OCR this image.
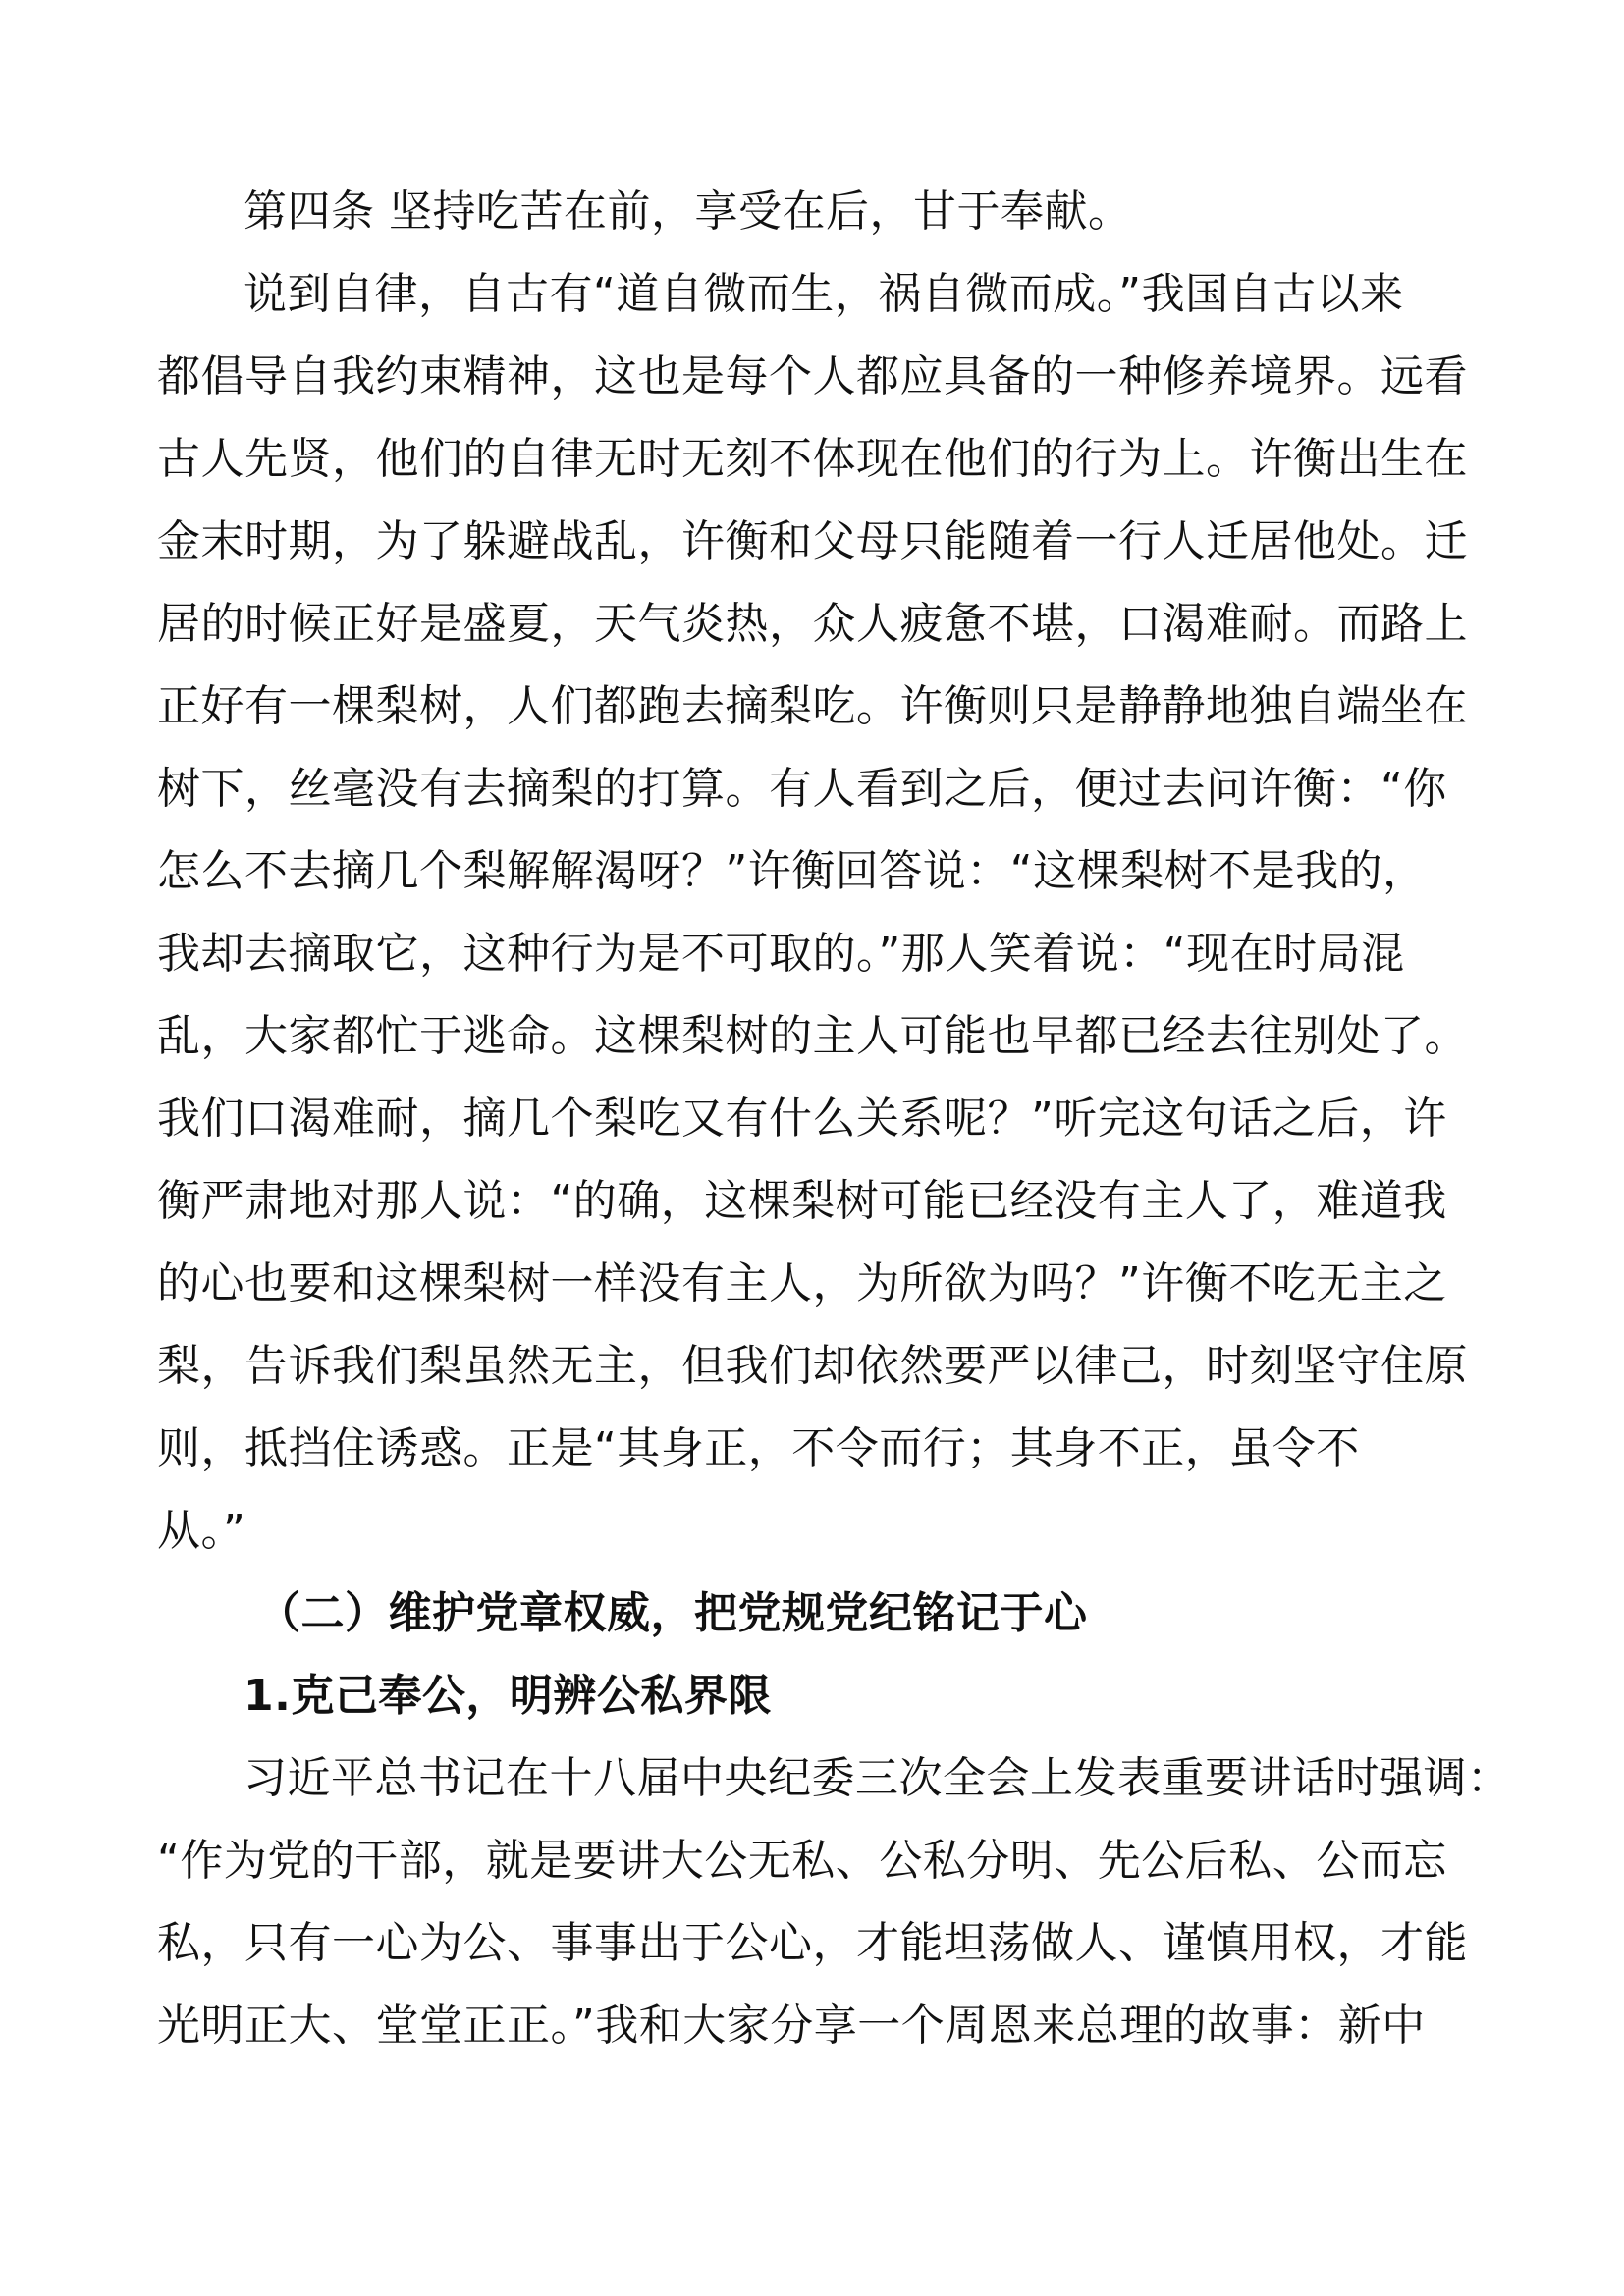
第四条 坚持吃苦在前，享受在后，甘于奉献。
说到自律，自古有“道自微而生，祸自微而成。”我国自古以来
都倡导自我约束精神，这也是每个人都应具备的一种修养境界。远看
古人先贤，他们的自律无时无刻不体现在他们的行为上。许衡出生在
金末时期，为了躲避战乱，许衡和父母只能随着一行人迁居他处。迁
居的时候正好是盛夏，天气炎热，众人疲惫不堪，口渴难耐。而路上
正好有一棵梨树，人们都跑去摘梨吃。许衡则只是静静地独自端坐在
树下，丝毫没有去摘梨的打算。有人看到之后，便过去问许衡：“你
怎么不去摘几个梨解解渴呀？”许衡回答说：“这棵梨树不是我的，
我却去摘取它，这种行为是不可取的。”那人笑着说：“现在时局混
乱，大家都忙于逃命。这棵梨树的主人可能也早都已经去往别处了。
我们口渴难耐，摘几个梨吃又有什么关系呢？”听完这句话之后，许
衡严肃地对那人说：“的确，这棵梨树可能已经没有主人了，难道我
的心也要和这棵梨树一样没有主人，为所欲为吗？”许衡不吃无主之
梨，告诉我们梨虽然无主，但我们却依然要严以律己，时刻坚守住原
则，抵挡住诱惑。正是“其身正，不令而行；其身不正，虽令不
从。”
（二）维护党章权威，把党规党纪铭记于心
1.克己奉公，明辨公私界限
习近平总书记在十八届中央纪委三次全会上发表重要讲话时强调：
“作为党的干部，就是要讲大公无私、公私分明、先公后私、公而忘
私，只有一心为公、事事出于公心，才能坦荡做人、谨慎用权，才能
光明正大、堂堂正正。”我和大家分享一个周恩来总理的故事：新中
